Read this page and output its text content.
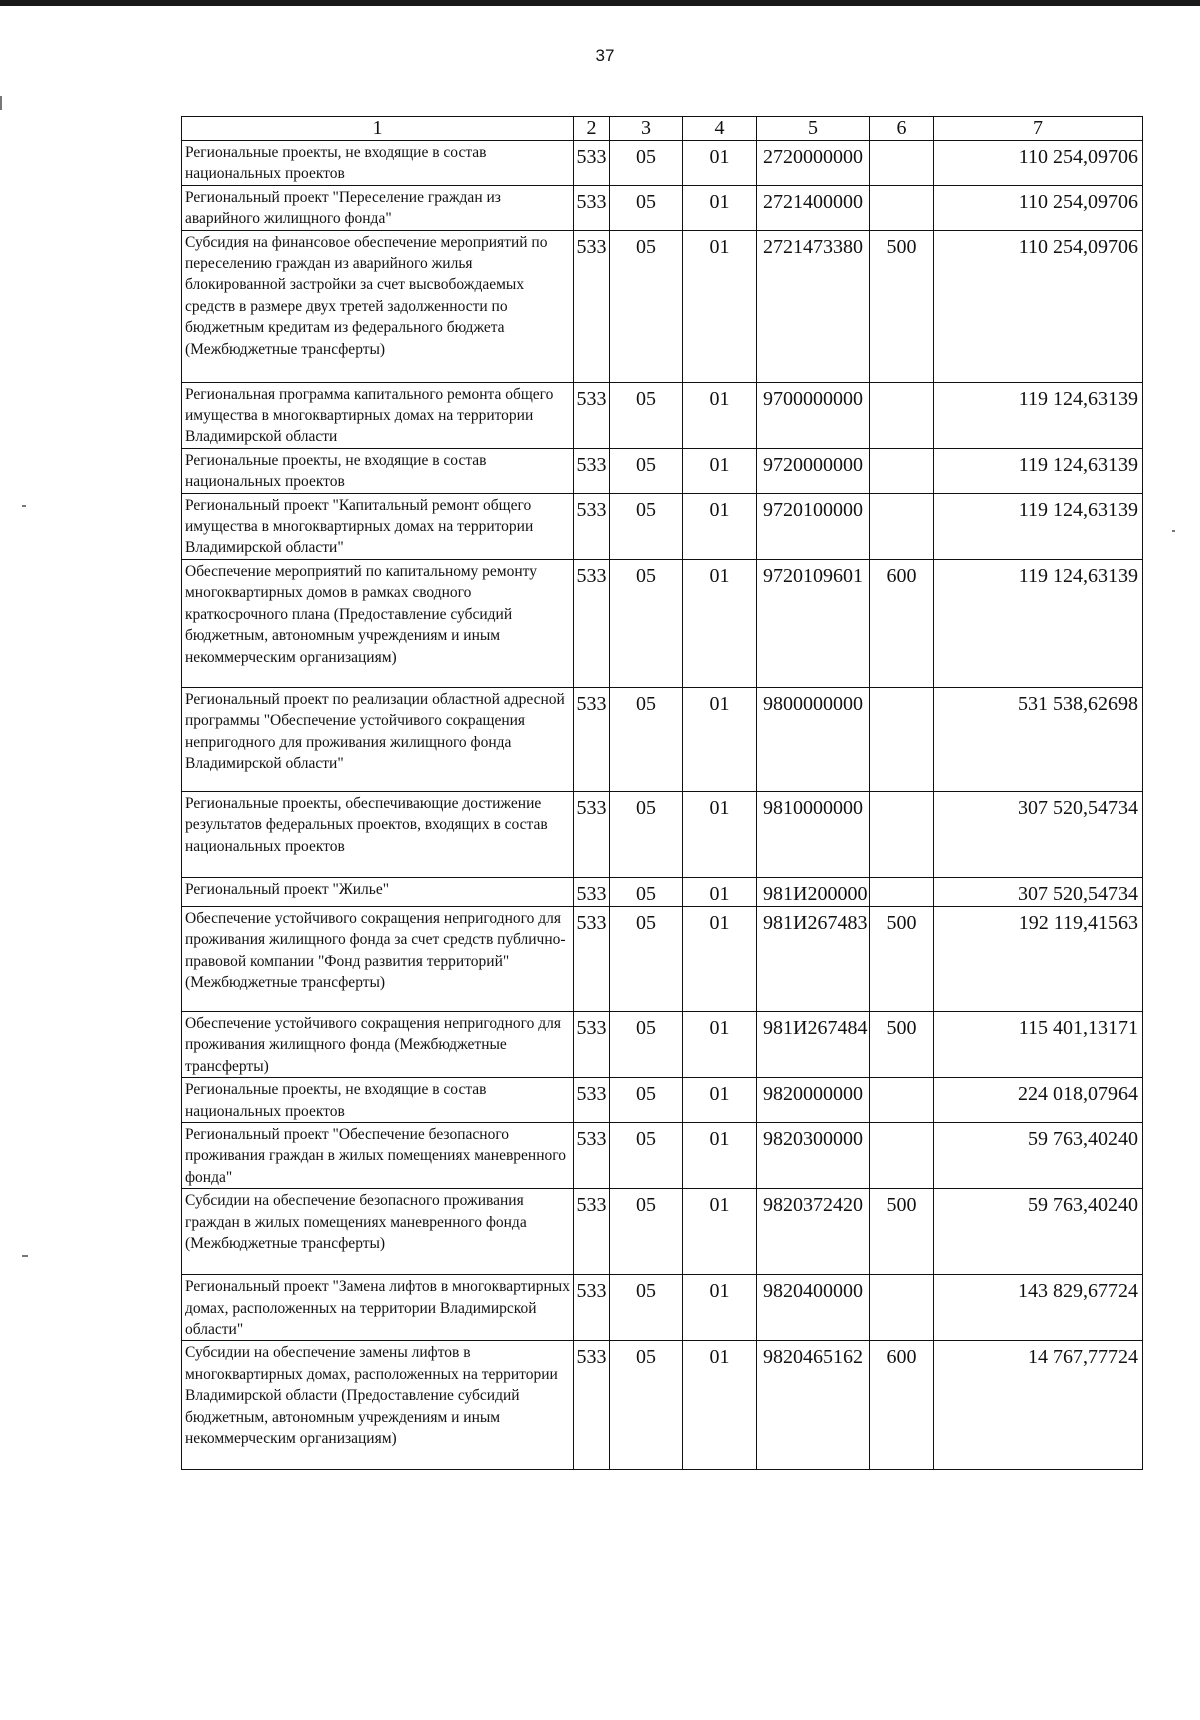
37
1	2	3	4	5	6	7
Региональные проекты, не входящие в состав национальных проектов	533	05	01	2720000000		110 254,09706
Региональный проект "Переселение граждан из аварийного жилищного фонда"	533	05	01	2721400000		110 254,09706
Субсидия на финансовое обеспечение мероприятий по переселению граждан из аварийного жилья блокированной застройки за счет высвобождаемых средств в размере двух третей задолженности по бюджетным кредитам из федерального бюджета (Межбюджетные трансферты)	533	05	01	2721473380	500	110 254,09706
Региональная программа капитального ремонта общего имущества в многоквартирных домах на территории Владимирской области	533	05	01	9700000000		119 124,63139
Региональные проекты, не входящие в состав национальных проектов	533	05	01	9720000000		119 124,63139
Региональный проект "Капитальный ремонт общего имущества в многоквартирных домах на территории Владимирской области"	533	05	01	9720100000		119 124,63139
Обеспечение мероприятий по капитальному ремонту многоквартирных домов в рамках сводного краткосрочного плана (Предоставление субсидий бюджетным, автономным учреждениям и иным некоммерческим организациям)	533	05	01	9720109601	600	119 124,63139
Региональный проект по реализации областной адресной программы "Обеспечение устойчивого сокращения непригодного для проживания жилищного фонда Владимирской области"	533	05	01	9800000000		531 538,62698
Региональные проекты, обеспечивающие достижение результатов федеральных проектов, входящих в состав национальных проектов	533	05	01	9810000000		307 520,54734
Региональный проект "Жилье"	533	05	01	981И200000		307 520,54734
Обеспечение устойчивого сокращения непригодного для проживания жилищного фонда за счет средств публично-правовой компании "Фонд развития территорий" (Межбюджетные трансферты)	533	05	01	981И267483	500	192 119,41563
Обеспечение устойчивого сокращения непригодного для проживания жилищного фонда (Межбюджетные трансферты)	533	05	01	981И267484	500	115 401,13171
Региональные проекты, не входящие в состав национальных проектов	533	05	01	9820000000		224 018,07964
Региональный проект "Обеспечение безопасного проживания граждан в жилых помещениях маневренного фонда"	533	05	01	9820300000		59 763,40240
Субсидии на обеспечение безопасного проживания граждан в жилых помещениях маневренного фонда (Межбюджетные трансферты)	533	05	01	9820372420	500	59 763,40240
Региональный проект "Замена лифтов в многоквартирных домах, расположенных на территории Владимирской области"	533	05	01	9820400000		143 829,67724
Субсидии на обеспечение замены лифтов в многоквартирных домах, расположенных на территории Владимирской области (Предоставление субсидий бюджетным, автономным учреждениям и иным некоммерческим организациям)	533	05	01	9820465162	600	14 767,77724
